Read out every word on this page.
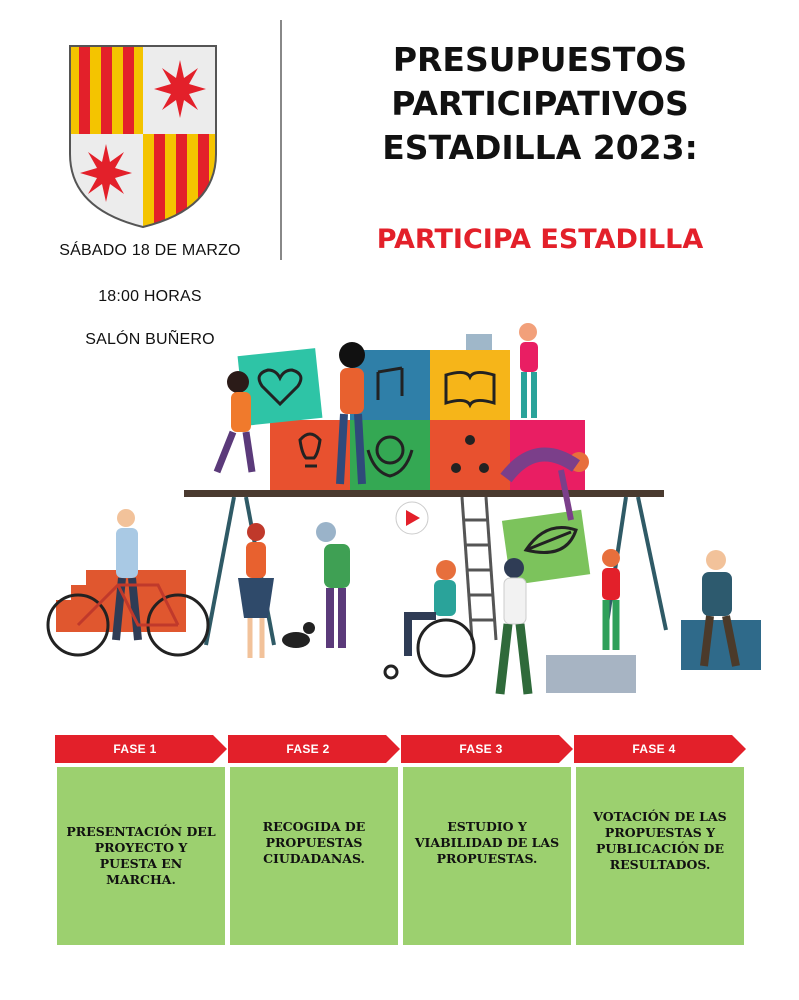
SÁBADO 18 DE MARZO
18:00 HORAS
SALÓN BUÑERO
PRESUPUESTOS
PARTICIPATIVOS
ESTADILLA 2023:
PARTICIPA ESTADILLA
FASE 1
PRESENTACIÓN DEL PROYECTO Y PUESTA EN MARCHA.
FASE 2
RECOGIDA DE PROPUESTAS CIUDADANAS.
FASE 3
ESTUDIO Y VIABILIDAD DE LAS PROPUESTAS.
FASE 4
VOTACIÓN DE LAS PROPUESTAS Y PUBLICACIÓN DE RESULTADOS.
